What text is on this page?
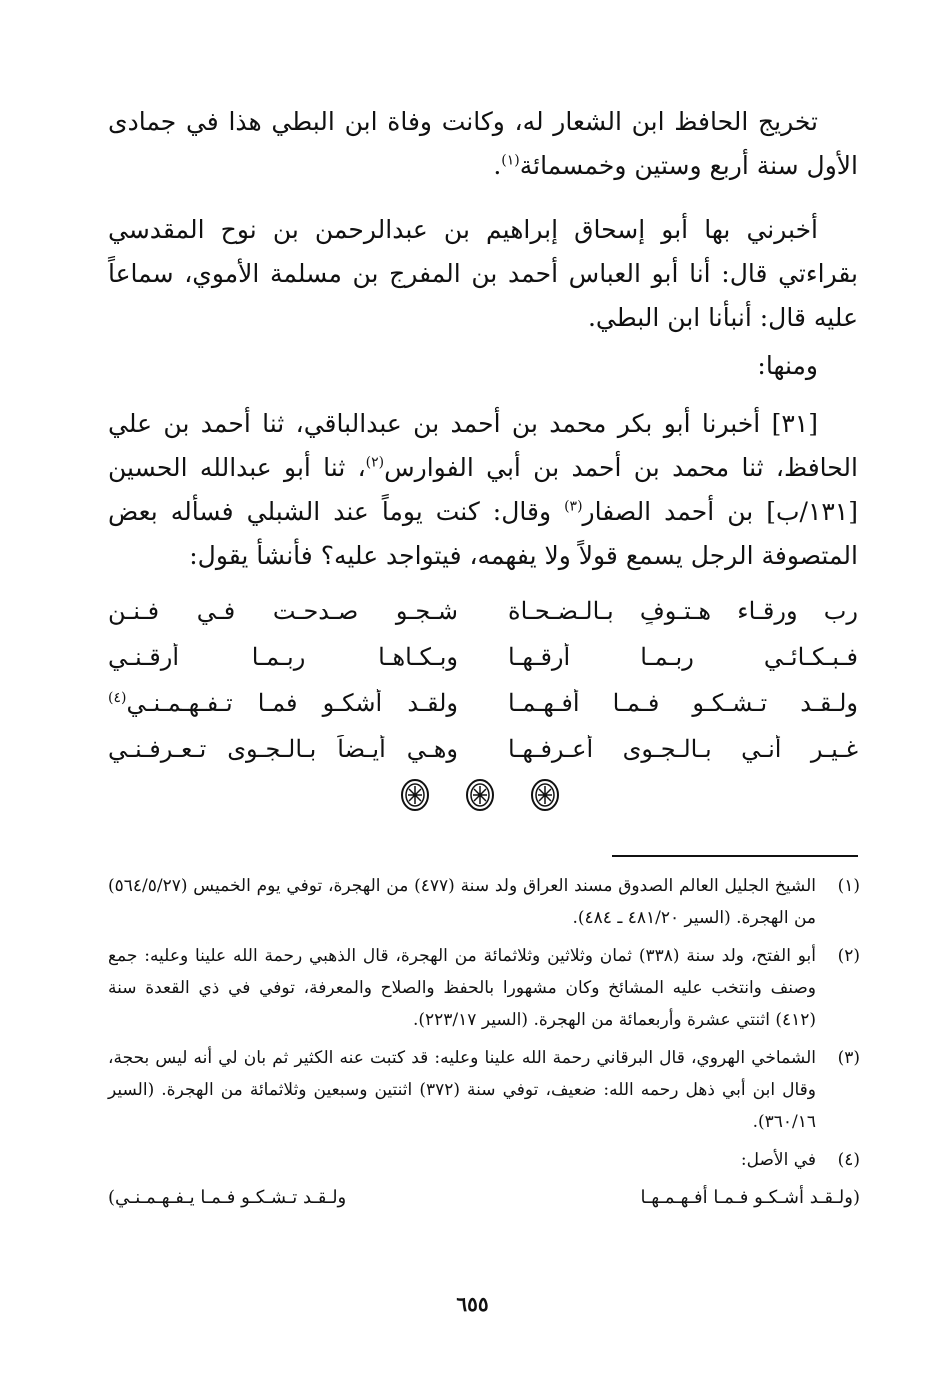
تخريج الحافظ ابن الشعار له، وكانت وفاة ابن البطي هذا في جمادى الأول سنة أربع وستين وخمسمائة$^{(١)}$.

أخبرني بها أبو إسحاق إبراهيم بن عبدالرحمن بن نوح المقدسي بقراءتي قال: أنا أبو العباس أحمد بن المفرج بن مسلمة الأموي، سماعاً عليه قال: أنبأنا ابن البطي.

ومنها:

[٣١] أخبرنا أبو بكر محمد بن أحمد بن عبدالباقي، ثنا أحمد بن علي الحافظ، ثنا محمد بن أحمد بن أبي الفوارس$^{(٢)}$، ثنا أبو عبدالله الحسين [١٣١/ب] بن أحمد الصفار$^{(٣)}$ وقال: كنت يوماً عند الشبلي فسأله بعض المتصوفة الرجل يسمع قولاً ولا يفهمه، فيتواجد عليه؟ فأنشأ يقول:

رب ورقـاء هـتـوفٍ بـالـضـحـاة
شـجـو صـدحـت فـي فـنـن
فـبـكـائـي ربـمـا أرقـهـا
وبـكـاهـا ربـمـا أرقـنـي
ولـقـد تـشـكـو فـمـا أفـهـمـا
ولقـد أشكـو فمـا تـفـهـمـنـي$^{(٤)}$
غـيـر أنـي بـالـجـوى أعـرفـهـا
وهـي أيـضاً بـالـجـوى تـعـرفـنـي
(١)
الشيخ الجليل العالم الصدوق مسند العراق ولد سنة (٤٧٧) من الهجرة، توفي يوم الخميس (٥٦٤/٥/٢٧) من الهجرة. (السير ٤٨١/٢٠ ـ ٤٨٤).
(٢)
أبو الفتح، ولد سنة (٣٣٨) ثمان وثلاثين وثلاثمائة من الهجرة، قال الذهبي رحمة الله علينا وعليه: جمع وصنف وانتخب عليه المشائخ وكان مشهورا بالحفظ والصلاح والمعرفة، توفي في ذي القعدة سنة (٤١٢) اثنتي عشرة وأربعمائة من الهجرة. (السير ٢٢٣/١٧).
(٣)
الشماخي الهروي، قال البرقاني رحمة الله علينا وعليه: قد كتبت عنه الكثير ثم بان لي أنه ليس بحجة، وقال ابن أبي ذهل رحمه الله: ضعيف، توفي سنة (٣٧٢) اثنتين وسبعين وثلاثمائة من الهجرة. (السير ٣٦٠/١٦).
(٤)
في الأصل:
(ولـقـد أشـكـو فـمـا أفـهـمـهـا
ولـقـد تـشـكـو فـمـا يـفـهـمـنـي)
٦٥٥
